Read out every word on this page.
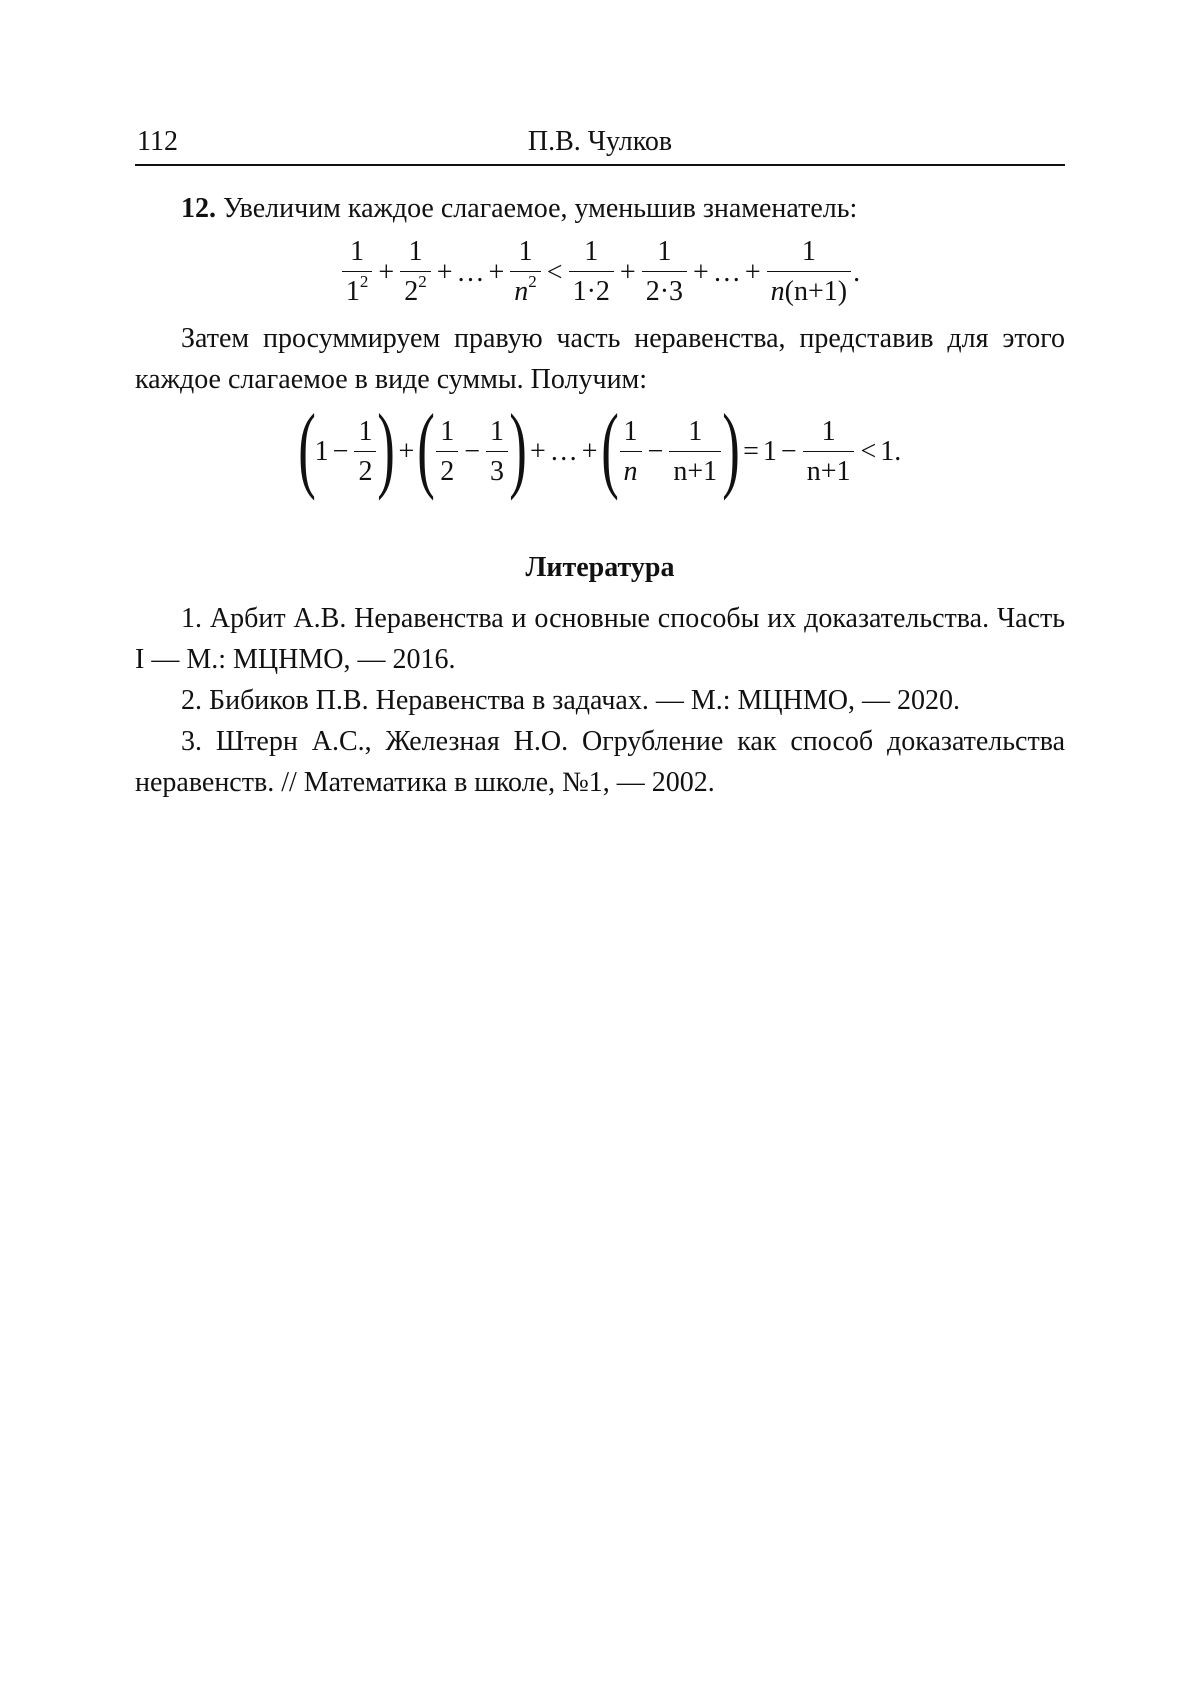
112	П.В. Чулков

12. Увеличим каждое слагаемое, уменьшив знаменатель:

$\frac{1}{1^2} + \frac{1}{2^2}$ + … + $\frac{1}{n^2} < \frac{1}{1\cdot 2} + \frac{1}{2\cdot 3}$ + … + $\frac{1}{n(n+1)}$ .

Затем просуммируем правую часть неравенства, представив для этого каждое слагаемое в виде суммы. Получим:

( $1 - \frac{1}{2}$ ) + ( $\frac{1}{2} - \frac{1}{3}$ ) + … + ( $\frac{1}{n} - \frac{1}{n+1}$ ) = $1 - \frac{1}{n+1} < 1$.
Литература

1. Арбит А.В. Неравенства и основные способы их доказательства. Часть I — М.: МЦНМО, — 2016.

2. Бибиков П.В. Неравенства в задачах. — М.: МЦНМО, — 2020.

3. Штерн А.С., Железная Н.О. Огрубление как способ доказательства неравенств. // Математика в школе, №1, — 2002.
